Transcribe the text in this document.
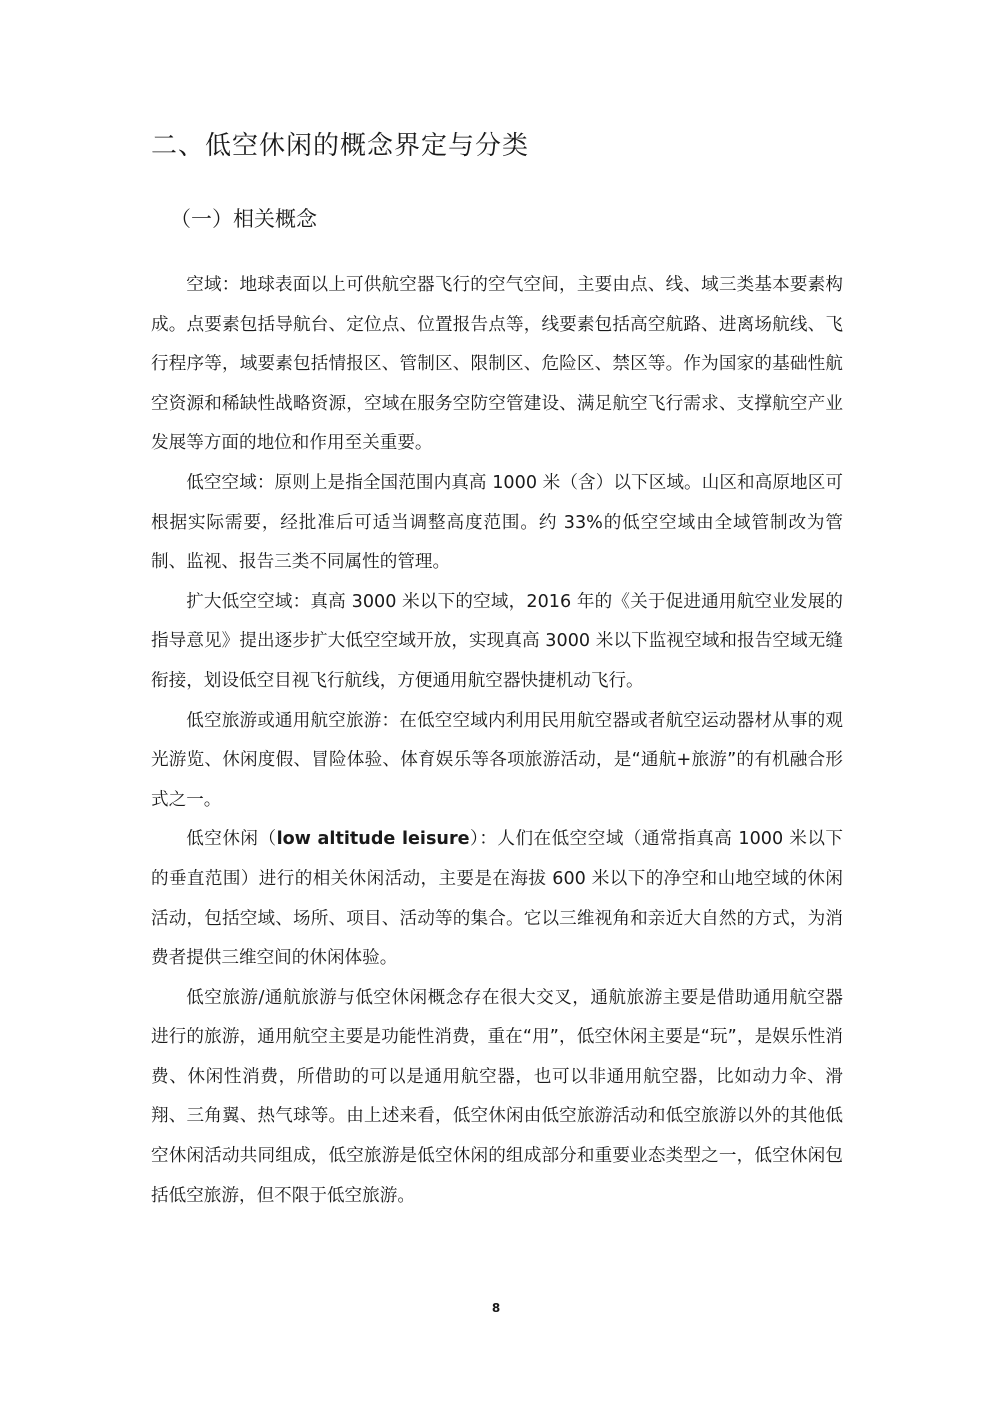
二、低空休闲的概念界定与分类
（一）相关概念

空域：地球表面以上可供航空器飞行的空气空间，主要由点、线、域三类基本要素构成。点要素包括导航台、定位点、位置报告点等，线要素包括高空航路、进离场航线、飞行程序等，域要素包括情报区、管制区、限制区、危险区、禁区等。作为国家的基础性航空资源和稀缺性战略资源，空域在服务空防空管建设、满足航空飞行需求、支撑航空产业发展等方面的地位和作用至关重要。

低空空域：原则上是指全国范围内真高 1000 米（含）以下区域。山区和高原地区可根据实际需要，经批准后可适当调整高度范围。约 33%的低空空域由全域管制改为管制、监视、报告三类不同属性的管理。

扩大低空空域：真高 3000 米以下的空域，2016 年的《关于促进通用航空业发展的指导意见》提出逐步扩大低空空域开放，实现真高 3000 米以下监视空域和报告空域无缝衔接，划设低空目视飞行航线，方便通用航空器快捷机动飞行。

低空旅游或通用航空旅游：在低空空域内利用民用航空器或者航空运动器材从事的观光游览、休闲度假、冒险体验、体育娱乐等各项旅游活动，是“通航+旅游”的有机融合形式之一。

低空休闲（low altitude leisure）：人们在低空空域（通常指真高 1000 米以下的垂直范围）进行的相关休闲活动，主要是在海拔 600 米以下的净空和山地空域的休闲活动，包括空域、场所、项目、活动等的集合。它以三维视角和亲近大自然的方式，为消费者提供三维空间的休闲体验。

低空旅游/通航旅游与低空休闲概念存在很大交叉，通航旅游主要是借助通用航空器进行的旅游，通用航空主要是功能性消费，重在“用”，低空休闲主要是“玩”，是娱乐性消费、休闲性消费，所借助的可以是通用航空器，也可以非通用航空器，比如动力伞、滑翔、三角翼、热气球等。由上述来看，低空休闲由低空旅游活动和低空旅游以外的其他低空休闲活动共同组成，低空旅游是低空休闲的组成部分和重要业态类型之一，低空休闲包括低空旅游，但不限于低空旅游。

8
